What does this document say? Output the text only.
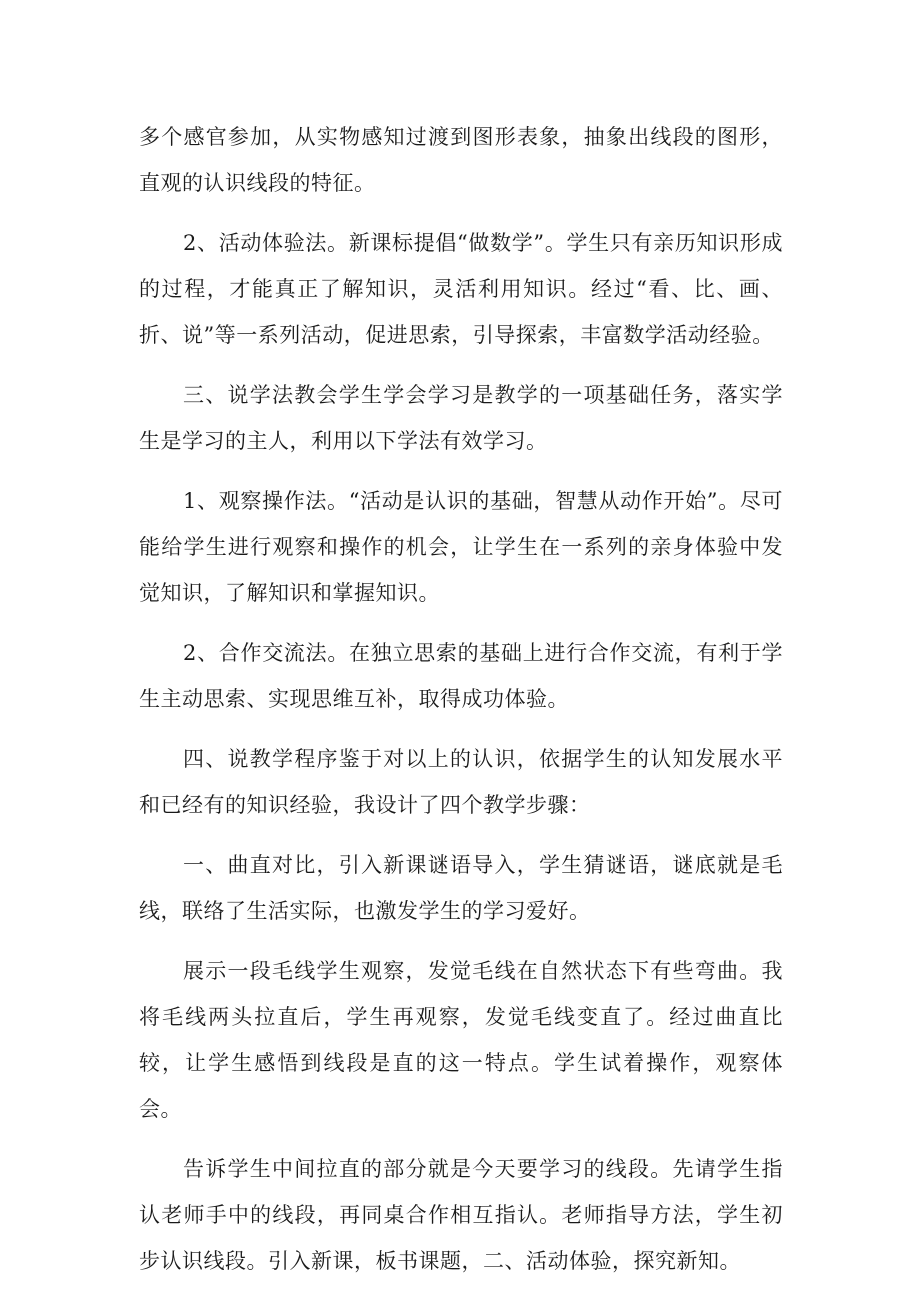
多个感官参加，从实物感知过渡到图形表象，抽象出线段的图形，直观的认识线段的特征。

2、活动体验法。新课标提倡“做数学”。学生只有亲历知识形成的过程，才能真正了解知识，灵活利用知识。经过“看、比、画、折、说”等一系列活动，促进思索，引导探索，丰富数学活动经验。

三、说学法教会学生学会学习是教学的一项基础任务，落实学生是学习的主人，利用以下学法有效学习。

1、观察操作法。“活动是认识的基础，智慧从动作开始”。尽可能给学生进行观察和操作的机会，让学生在一系列的亲身体验中发觉知识，了解知识和掌握知识。

2、合作交流法。在独立思索的基础上进行合作交流，有利于学生主动思索、实现思维互补，取得成功体验。

四、说教学程序鉴于对以上的认识，依据学生的认知发展水平和已经有的知识经验，我设计了四个教学步骤：

一、曲直对比，引入新课谜语导入，学生猜谜语，谜底就是毛线，联络了生活实际，也激发学生的学习爱好。

展示一段毛线学生观察，发觉毛线在自然状态下有些弯曲。我将毛线两头拉直后，学生再观察，发觉毛线变直了。经过曲直比较，让学生感悟到线段是直的这一特点。学生试着操作，观察体会。

告诉学生中间拉直的部分就是今天要学习的线段。先请学生指认老师手中的线段，再同桌合作相互指认。老师指导方法，学生初步认识线段。引入新课，板书课题，二、活动体验，探究新知。
